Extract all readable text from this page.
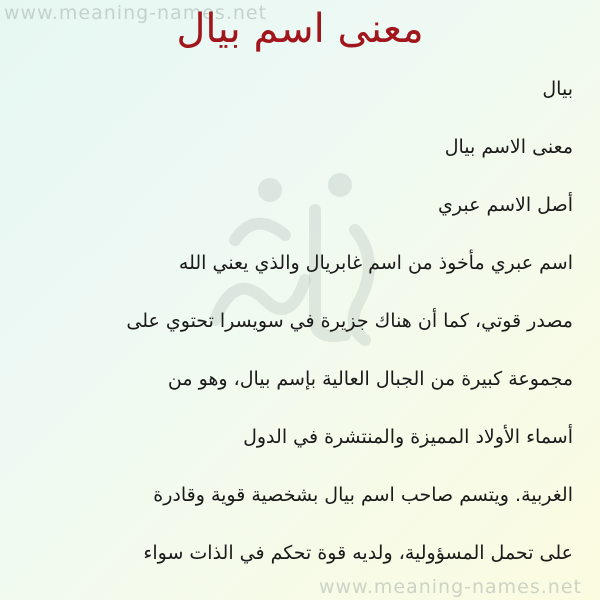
www.meaning-names.net
معنى اسم بيال
بيال
معنى الاسم بيال
أصل الاسم عبري
اسم عبري مأخوذ من اسم غابريال والذي يعني الله
مصدر قوتي، كما أن هناك جزيرة في سويسرا تحتوي على
مجموعة كبيرة من الجبال العالية بإسم بيال، وهو من
أسماء الأولاد المميزة والمنتشرة في الدول
الغربية. ويتسم صاحب اسم بيال بشخصية قوية وقادرة
على تحمل المسؤولية، ولديه قوة تحكم في الذات سواء
www.meaning-names.net
